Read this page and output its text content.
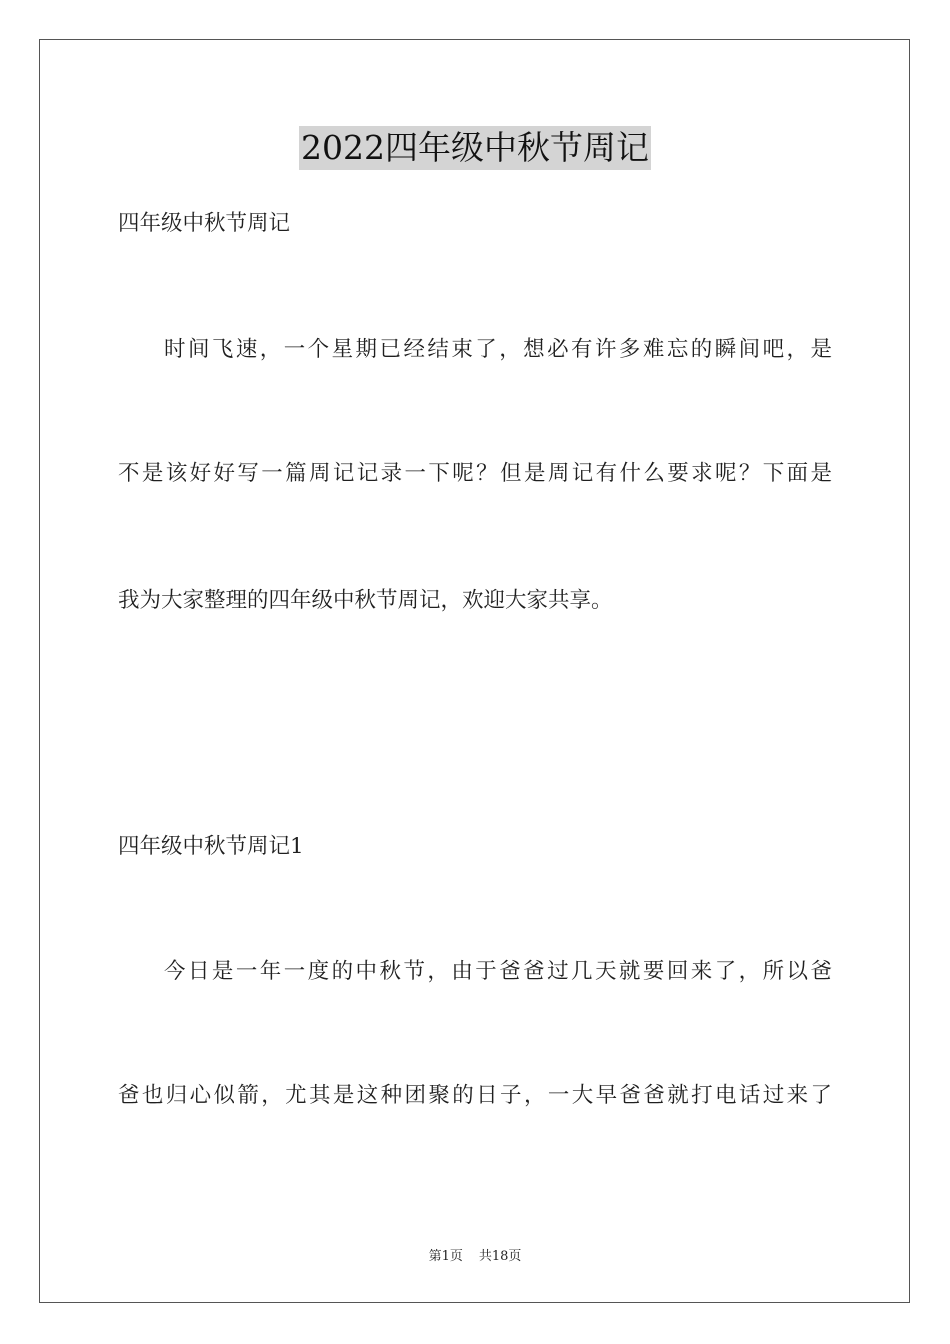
2022四年级中秋节周记
四年级中秋节周记
时间飞速，一个星期已经结束了，想必有许多难忘的瞬间吧，是
不是该好好写一篇周记记录一下呢？但是周记有什么要求呢？下面是
我为大家整理的四年级中秋节周记，欢迎大家共享。
四年级中秋节周记1
今日是一年一度的中秋节，由于爸爸过几天就要回来了，所以爸
爸也归心似箭，尤其是这种团聚的日子，一大早爸爸就打电话过来了
第1页 共18页
